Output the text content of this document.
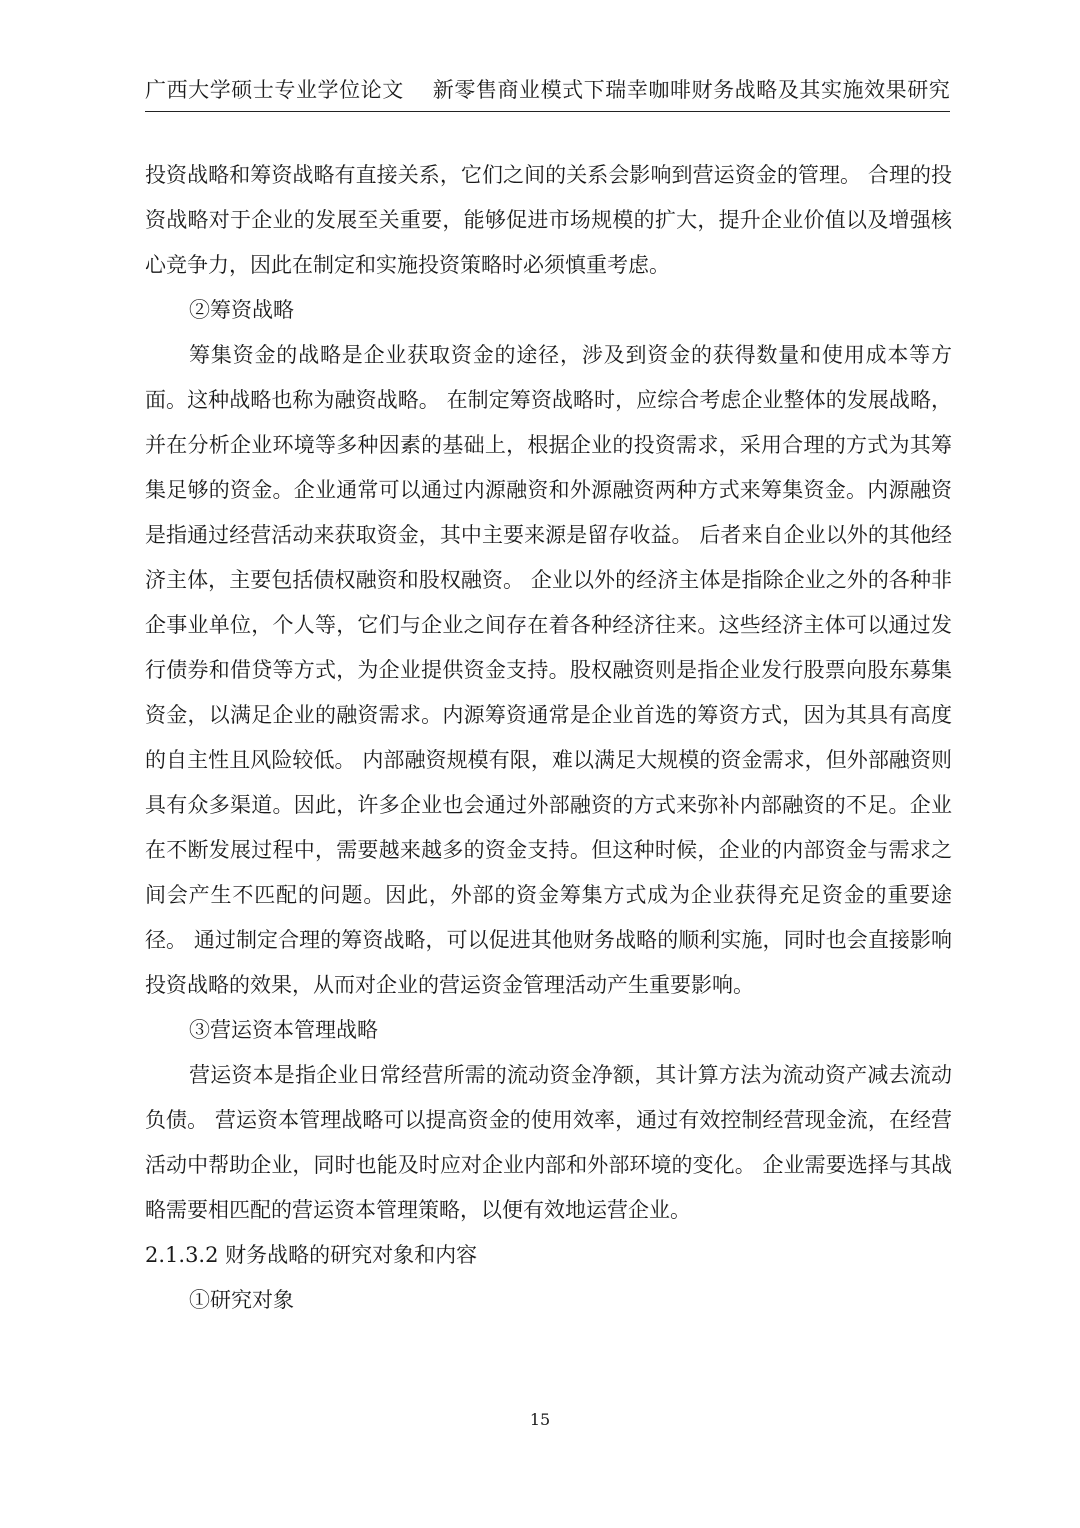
广西大学硕士专业学位论文 新零售商业模式下瑞幸咖啡财务战略及其实施效果研究

投资战略和筹资战略有直接关系，它们之间的关系会影响到营运资金的管理。 合理的投资战略对于企业的发展至关重要，能够促进市场规模的扩大，提升企业价值以及增强核心竞争力，因此在制定和实施投资策略时必须慎重考虑。

②筹资战略

筹集资金的战略是企业获取资金的途径，涉及到资金的获得数量和使用成本等方面。这种战略也称为融资战略。 在制定筹资战略时，应综合考虑企业整体的发展战略，并在分析企业环境等多种因素的基础上，根据企业的投资需求，采用合理的方式为其筹集足够的资金。企业通常可以通过内源融资和外源融资两种方式来筹集资金。内源融资是指通过经营活动来获取资金，其中主要来源是留存收益。 后者来自企业以外的其他经济主体，主要包括债权融资和股权融资。 企业以外的经济主体是指除企业之外的各种非企事业单位，个人等，它们与企业之间存在着各种经济往来。这些经济主体可以通过发行债券和借贷等方式，为企业提供资金支持。股权融资则是指企业发行股票向股东募集资金，以满足企业的融资需求。内源筹资通常是企业首选的筹资方式，因为其具有高度的自主性且风险较低。 内部融资规模有限，难以满足大规模的资金需求，但外部融资则具有众多渠道。因此，许多企业也会通过外部融资的方式来弥补内部融资的不足。企业在不断发展过程中，需要越来越多的资金支持。但这种时候，企业的内部资金与需求之间会产生不匹配的问题。因此，外部的资金筹集方式成为企业获得充足资金的重要途径。 通过制定合理的筹资战略，可以促进其他财务战略的顺利实施，同时也会直接影响投资战略的效果，从而对企业的营运资金管理活动产生重要影响。

③营运资本管理战略

营运资本是指企业日常经营所需的流动资金净额，其计算方法为流动资产减去流动负债。 营运资本管理战略可以提高资金的使用效率，通过有效控制经营现金流，在经营活动中帮助企业，同时也能及时应对企业内部和外部环境的变化。 企业需要选择与其战略需要相匹配的营运资本管理策略，以便有效地运营企业。

2.1.3.2 财务战略的研究对象和内容

①研究对象

15
